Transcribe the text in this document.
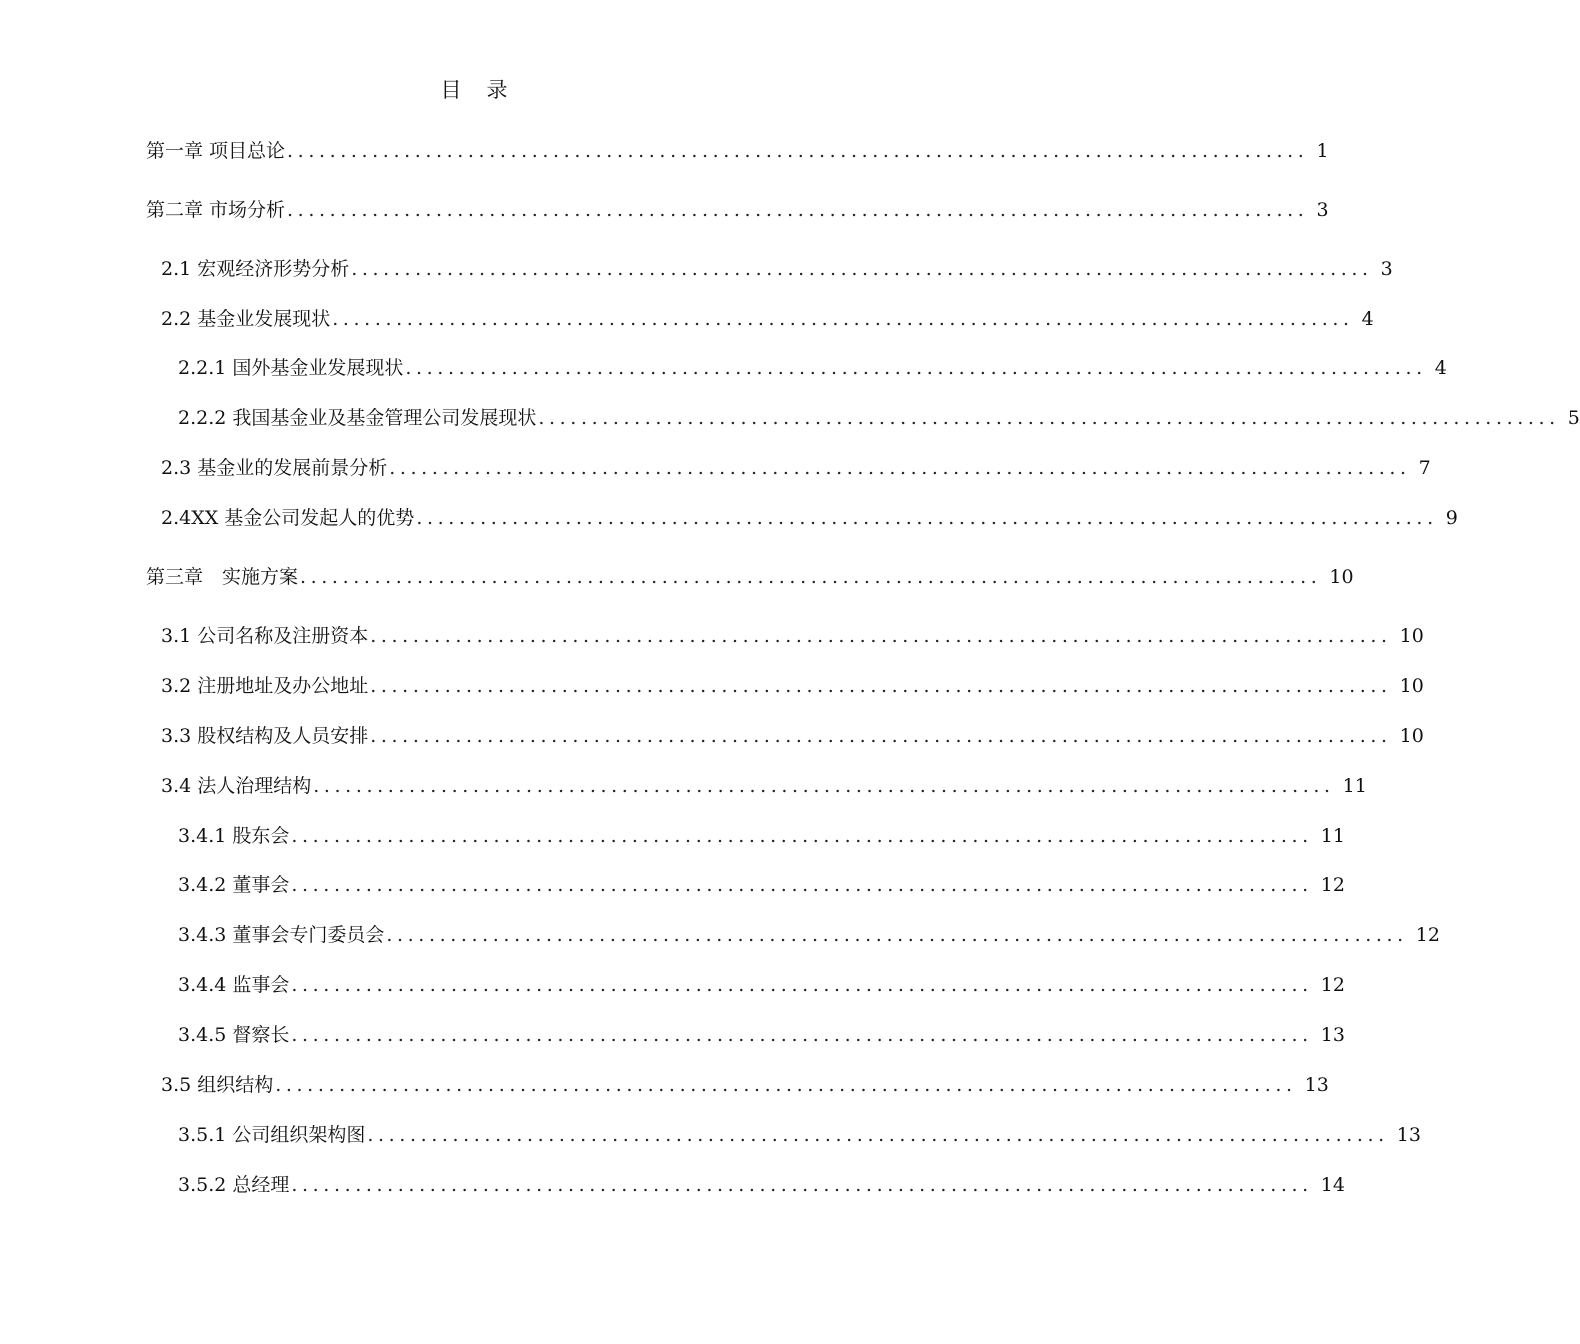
目　录
第一章 项目总论 ................................................................................................ 1
第二章 市场分析 ................................................................................................ 3
2.1 宏观经济形势分析 ................................................................................................ 3
2.2 基金业发展现状 ................................................................................................ 4
2.2.1 国外基金业发展现状 ................................................................................................ 4
2.2.2 我国基金业及基金管理公司发展现状 ................................................................................................ 5
2.3 基金业的发展前景分析 ................................................................................................ 7
2.4XX 基金公司发起人的优势 ................................................................................................ 9
第三章　实施方案 ................................................................................................ 10
3.1 公司名称及注册资本 ................................................................................................ 10
3.2 注册地址及办公地址 ................................................................................................ 10
3.3 股权结构及人员安排 ................................................................................................ 10
3.4 法人治理结构 ................................................................................................ 11
3.4.1 股东会 ................................................................................................ 11
3.4.2 董事会 ................................................................................................ 12
3.4.3 董事会专门委员会 ................................................................................................ 12
3.4.4 监事会 ................................................................................................ 12
3.4.5 督察长 ................................................................................................ 13
3.5 组织结构 ................................................................................................ 13
3.5.1 公司组织架构图 ................................................................................................ 13
3.5.2 总经理 ................................................................................................ 14
